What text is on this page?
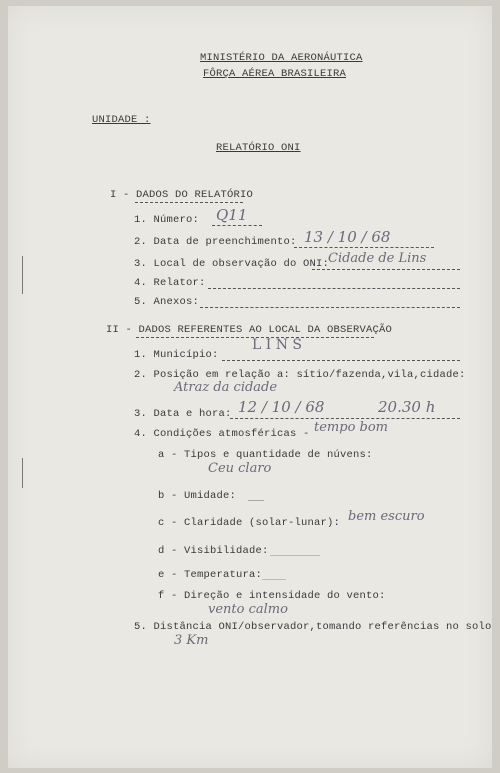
MINISTÉRIO DA AERONÁUTICA
FÔRÇA AÉREA BRASILEIRA
UNIDADE :
RELATÓRIO ONI
I - DADOS DO RELATÓRIO
1. Número: Q11
2. Data de preenchimento: 13 / 10 / 68
3. Local de observação do ONI:
Cidade de Lins
4. Relator:
5. Anexos:
II - DADOS REFERENTES AO LOCAL DA OBSERVAÇÃO
1. Município:
L I N S
2. Posição em relação a: sítio/fazenda,vila,cidade:
Atraz da cidade
3. Data e hora: 12 / 10 / 68	20.30 h
4. Condições atmosféricas - tempo bom
a - Tipos e quantidade de núvens:
Ceu claro
b - Umidade:
c - Claridade (solar-lunar): bem escuro
d - Visibilidade:
e - Temperatura:
f - Direção e intensidade do vento:
vento calmo
5. Distância ONI/observador,tomando referências no solo
3 Km
